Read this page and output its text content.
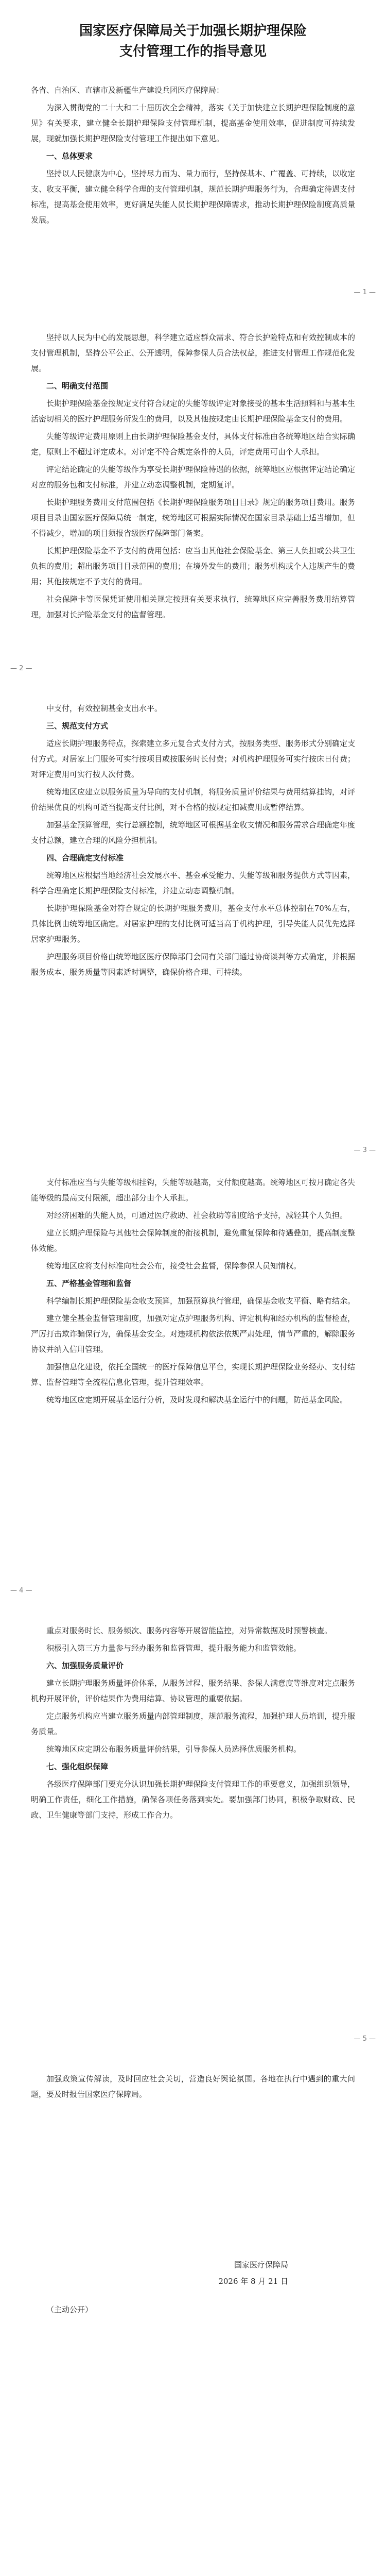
国家医疗保障局关于加强长期护理保险
支付管理工作的指导意见
各省、自治区、直辖市及新疆生产建设兵团医疗保障局：

为深入贯彻党的二十大和二十届历次全会精神，落实《关于加快建立长期护理保险制度的意见》有关要求，建立健全长期护理保险支付管理机制，提高基金使用效率，促进制度可持续发展，现就加强长期护理保险支付管理工作提出如下意见。

一、总体要求

坚持以人民健康为中心，坚持尽力而为、量力而行，坚持保基本、广覆盖、可持续，以收定支、收支平衡，建立健全科学合理的支付管理机制，规范长期护理服务行为，合理确定待遇支付标准，提高基金使用效率，更好满足失能人员长期护理保障需求，推动长期护理保险制度高质量发展。

— 1 —

坚持以人民为中心的发展思想，科学建立适应群众需求、符合长护险特点和有效控制成本的支付管理机制，坚持公平公正、公开透明，保障参保人员合法权益，推进支付管理工作规范化发展。

二、明确支付范围

长期护理保险基金按规定支付符合规定的失能等级评定对象接受的基本生活照料和与基本生活密切相关的医疗护理服务所发生的费用，以及其他按规定由长期护理保险基金支付的费用。

失能等级评定费用原则上由长期护理保险基金支付，具体支付标准由各统筹地区结合实际确定，原则上不超过评定成本。对评定不符合规定条件的人员，评定费用可由个人承担。

评定结论确定的失能等级作为享受长期护理保险待遇的依据，统筹地区应根据评定结论确定对应的服务包和支付标准，并建立动态调整机制，定期复评。

长期护理服务费用支付范围包括《长期护理保险服务项目目录》规定的服务项目费用。服务项目目录由国家医疗保障局统一制定，统筹地区可根据实际情况在国家目录基础上适当增加，但不得减少，增加的项目须报省级医疗保障部门备案。

长期护理保险基金不予支付的费用包括：应当由其他社会保险基金、第三人负担或公共卫生负担的费用；超出服务项目目录范围的费用；在境外发生的费用；服务机构或个人违规产生的费用；其他按规定不予支付的费用。

社会保障卡等医保凭证使用相关规定按照有关要求执行，统筹地区应完善服务费用结算管理，加强对长护险基金支付的监督管理。

— 2 —

中支付，有效控制基金支出水平。

三、规范支付方式

适应长期护理服务特点，探索建立多元复合式支付方式，按服务类型、服务形式分别确定支付方式。对居家上门服务可实行按项目或按服务时长付费；对机构护理服务可实行按床日付费；对评定费用可实行按人次付费。

统筹地区应建立以服务质量为导向的支付机制，将服务质量评价结果与费用结算挂钩，对评价结果优良的机构可适当提高支付比例，对不合格的按规定扣减费用或暂停结算。

加强基金预算管理，实行总额控制，统筹地区可根据基金收支情况和服务需求合理确定年度支付总额，建立合理的风险分担机制。

四、合理确定支付标准

统筹地区应根据当地经济社会发展水平、基金承受能力、失能等级和服务提供方式等因素，科学合理确定长期护理保险支付标准，并建立动态调整机制。

长期护理保险基金对符合规定的长期护理服务费用，基金支付水平总体控制在70%左右，具体比例由统筹地区确定。对居家护理的支付比例可适当高于机构护理，引导失能人员优先选择居家护理服务。

护理服务项目价格由统筹地区医疗保障部门会同有关部门通过协商谈判等方式确定，并根据服务成本、服务质量等因素适时调整，确保价格合理、可持续。

— 3 —

支付标准应当与失能等级相挂钩，失能等级越高，支付额度越高。统筹地区可按月确定各失能等级的最高支付限额，超出部分由个人承担。

对经济困难的失能人员，可通过医疗救助、社会救助等制度给予支持，减轻其个人负担。

建立长期护理保险与其他社会保障制度的衔接机制，避免重复保障和待遇叠加，提高制度整体效能。

统筹地区应将支付标准向社会公布，接受社会监督，保障参保人员知情权。

五、严格基金管理和监督

科学编制长期护理保险基金收支预算，加强预算执行管理，确保基金收支平衡、略有结余。

建立健全基金监督管理制度，加强对定点护理服务机构、评定机构和经办机构的监督检查，严厉打击欺诈骗保行为，确保基金安全。对违规机构依法依规严肃处理，情节严重的，解除服务协议并纳入信用管理。

加强信息化建设，依托全国统一的医疗保障信息平台，实现长期护理保险业务经办、支付结算、监督管理等全流程信息化管理，提升管理效率。

统筹地区应定期开展基金运行分析，及时发现和解决基金运行中的问题，防范基金风险。

— 4 —

重点对服务时长、服务频次、服务内容等开展智能监控，对异常数据及时预警核查。

积极引入第三方力量参与经办服务和监督管理，提升服务能力和监管效能。

六、加强服务质量评价

建立长期护理服务质量评价体系，从服务过程、服务结果、参保人满意度等维度对定点服务机构开展评价，评价结果作为费用结算、协议管理的重要依据。

定点服务机构应当建立服务质量内部管理制度，规范服务流程，加强护理人员培训，提升服务质量。

统筹地区应定期公布服务质量评价结果，引导参保人员选择优质服务机构。

七、强化组织保障

各级医疗保障部门要充分认识加强长期护理保险支付管理工作的重要意义，加强组织领导，明确工作责任，细化工作措施，确保各项任务落到实处。要加强部门协同，积极争取财政、民政、卫生健康等部门支持，形成工作合力。

— 5 —

加强政策宣传解读，及时回应社会关切，营造良好舆论氛围。各地在执行中遇到的重大问题，要及时报告国家医疗保障局。

国家医疗保障局
2026 年 8 月 21 日
（主动公开）
